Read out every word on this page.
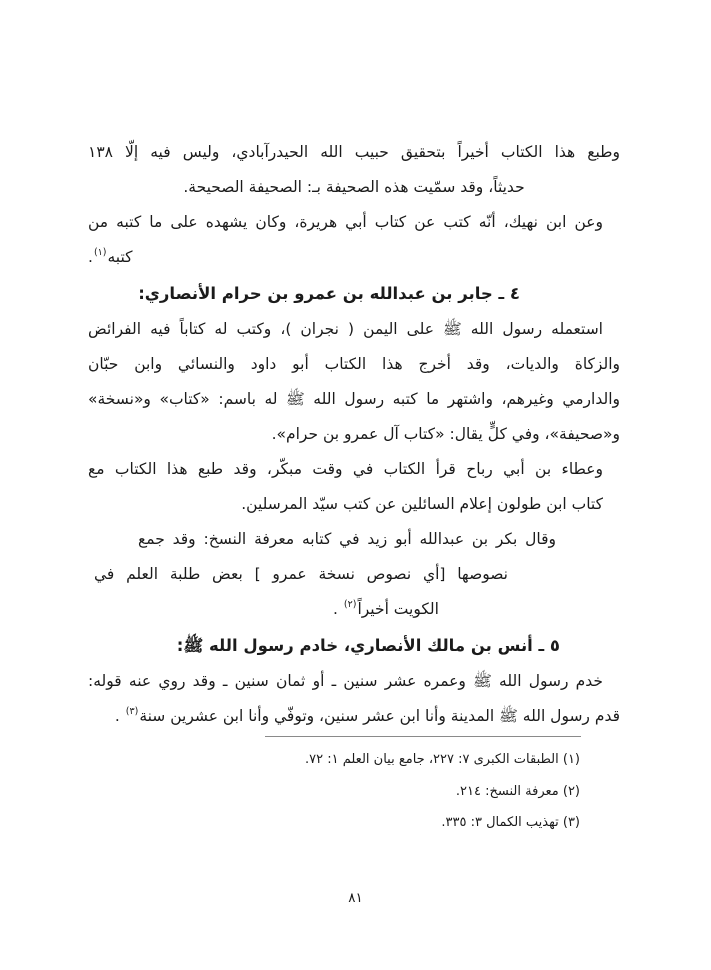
وطبع هذا الكتاب أخيراً بتحقيق حبيب الله الحيدرآبادي، وليس فيه إلّا ١٣٨
حديثاً، وقد سمّيت هذه الصحيفة بـ: الصحيفة الصحيحة.
وعن ابن نهيك، أنّه كتب عن كتاب أبي هريرة، وكان يشهده على ما كتبه من
كتبه$^{(١)}$.
٤ ـ جابر بن عبدالله بن عمرو بن حرام الأنصاري:
استعمله رسول الله ﷺ على اليمن ( نجران )، وكتب له كتاباً فيه الفرائض
والزكاة والديات، وقد أخرج هذا الكتاب أبو داود والنسائي وابن حبّان
والدارمي وغيرهم، واشتهر ما كتبه رسول الله ﷺ له باسم: «كتاب» و«نسخة»
و«صحيفة»، وفي كلٍّ يقال: «كتاب آل عمرو بن حرام».
وعطاء بن أبي رباح قرأ الكتاب في وقت مبكّر، وقد طبع هذا الكتاب مع
كتاب ابن طولون إعلام السائلين عن كتب سيّد المرسلين.
وقال بكر بن عبدالله أبو زيد في كتابه معرفة النسخ: وقد جمع
نصوصها [أي نصوص نسخة عمرو ] بعض طلبة العلم في
الكويت أخيراً$^{(٢)}$ .
٥ ـ أنس بن مالك الأنصاري، خادم رسول الله ﷺ:
خدم رسول الله ﷺ وعمره عشر سنين ـ أو ثمان سنين ـ وقد روي عنه قوله:
قدم رسول الله ﷺ المدينة وأنا ابن عشر سنين، وتوفّي وأنا ابن عشرين سنة$^{(٣)}$ .
(١) الطبقات الكبرى ٧: ٢٢٧، جامع بيان العلم ١: ٧٢.
(٢) معرفة النسخ: ٢١٤.
(٣) تهذيب الكمال ٣: ٣٣٥.
٨١
